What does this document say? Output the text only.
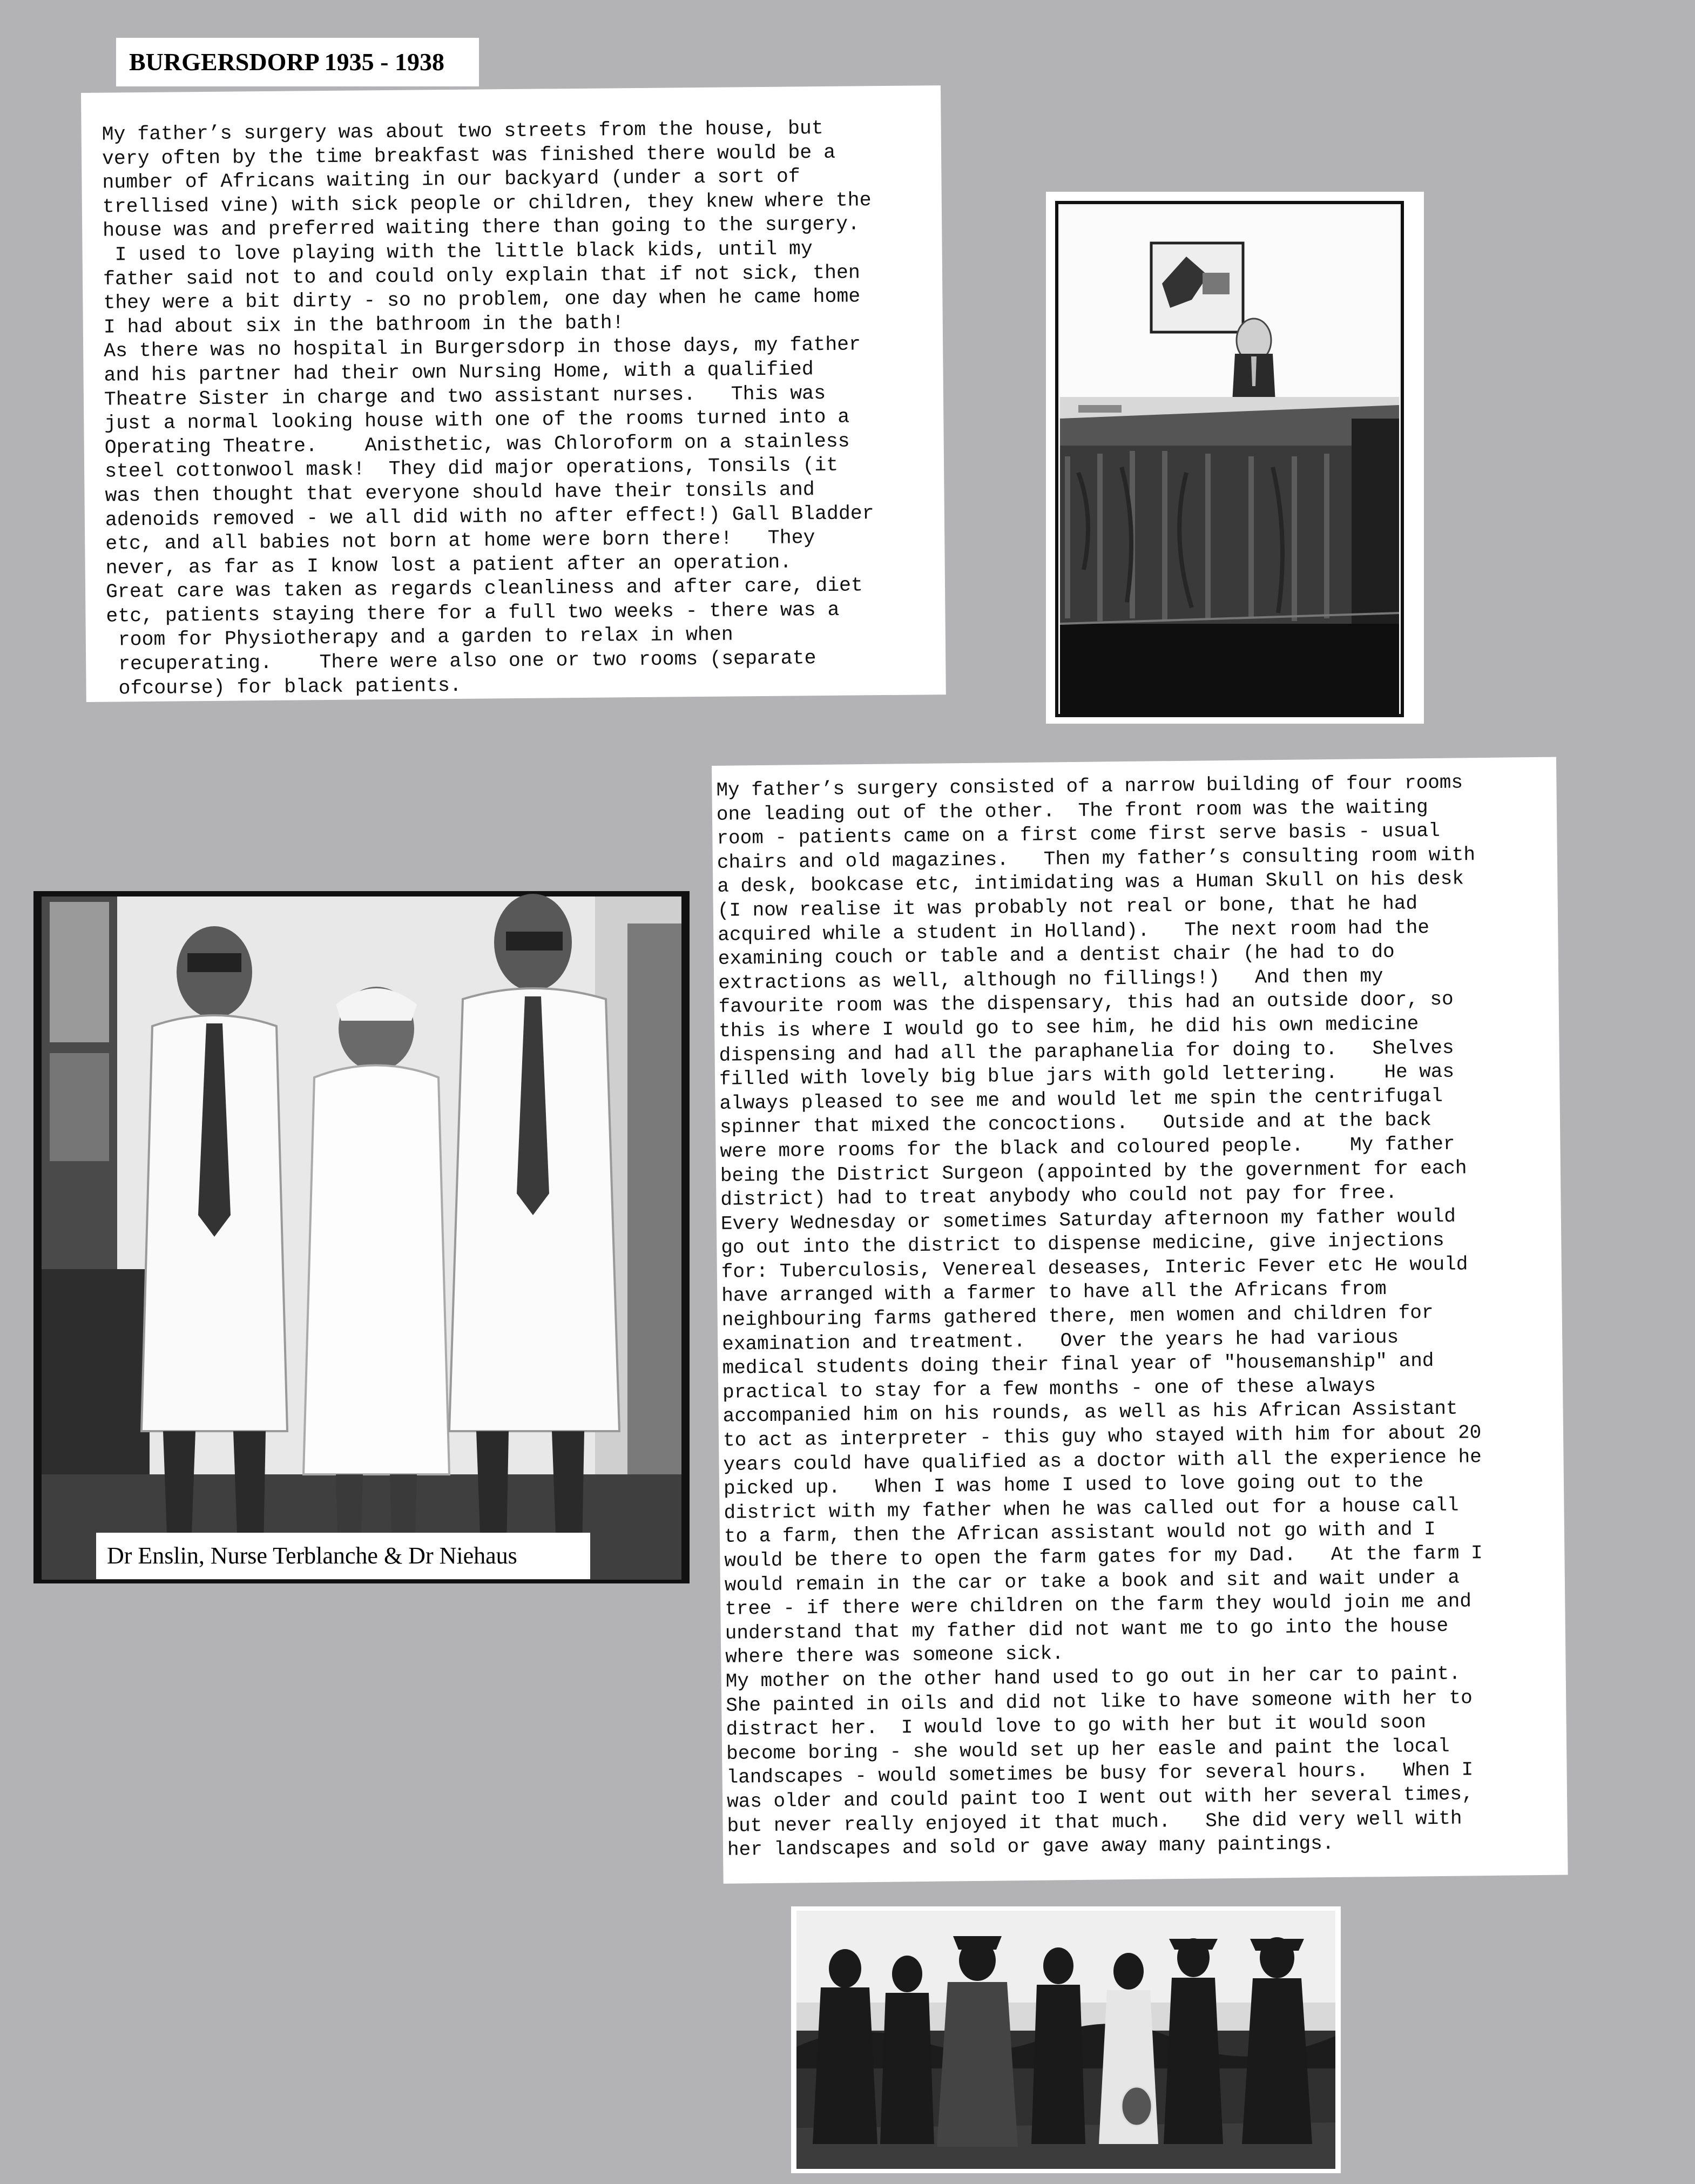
BURGERSDORP 1935 - 1938
My father’s surgery was about two streets from the house, but
very often by the time breakfast was finished there would be a
number of Africans waiting in our backyard (under a sort of
trellised vine) with sick people or children, they knew where the
house was and preferred waiting there than going to the surgery.
I used to love playing with the little black kids, until my
father said not to and could only explain that if not sick, then
they were a bit dirty - so no problem, one day when he came home
I had about six in the bathroom in the bath!
As there was no hospital in Burgersdorp in those days, my father
and his partner had their own Nursing Home, with a qualified
Theatre Sister in charge and two assistant nurses.   This was
just a normal looking house with one of the rooms turned into a
Operating Theatre.    Anisthetic, was Chloroform on a stainless
steel cottonwool mask!  They did major operations, Tonsils (it
was then thought that everyone should have their tonsils and
adenoids removed - we all did with no after effect!) Gall Bladder
etc, and all babies not born at home were born there!   They
never, as far as I know lost a patient after an operation.
Great care was taken as regards cleanliness and after care, diet
etc, patients staying there for a full two weeks - there was a
room for Physiotherapy and a garden to relax in when
recuperating.    There were also one or two rooms (separate
ofcourse) for black patients.
My father’s surgery consisted of a narrow building of four rooms
one leading out of the other.  The front room was the waiting
room - patients came on a first come first serve basis - usual
chairs and old magazines.   Then my father’s consulting room with
a desk, bookcase etc, intimidating was a Human Skull on his desk
(I now realise it was probably not real or bone, that he had
acquired while a student in Holland).   The next room had the
examining couch or table and a dentist chair (he had to do
extractions as well, although no fillings!)   And then my
favourite room was the dispensary, this had an outside door, so
this is where I would go to see him, he did his own medicine
dispensing and had all the paraphanelia for doing to.   Shelves
filled with lovely big blue jars with gold lettering.    He was
always pleased to see me and would let me spin the centrifugal
spinner that mixed the concoctions.   Outside and at the back
were more rooms for the black and coloured people.    My father
being the District Surgeon (appointed by the government for each
district) had to treat anybody who could not pay for free.
Every Wednesday or sometimes Saturday afternoon my father would
go out into the district to dispense medicine, give injections
for: Tuberculosis, Venereal deseases, Interic Fever etc He would
have arranged with a farmer to have all the Africans from
neighbouring farms gathered there, men women and children for
examination and treatment.   Over the years he had various
medical students doing their final year of "housemanship" and
practical to stay for a few months - one of these always
accompanied him on his rounds, as well as his African Assistant
to act as interpreter - this guy who stayed with him for about 20
years could have qualified as a doctor with all the experience he
picked up.   When I was home I used to love going out to the
district with my father when he was called out for a house call
to a farm, then the African assistant would not go with and I
would be there to open the farm gates for my Dad.   At the farm I
would remain in the car or take a book and sit and wait under a
tree - if there were children on the farm they would join me and
understand that my father did not want me to go into the house
where there was someone sick.
My mother on the other hand used to go out in her car to paint.
She painted in oils and did not like to have someone with her to
distract her.  I would love to go with her but it would soon
become boring - she would set up her easle and paint the local
landscapes - would sometimes be busy for several hours.   When I
was older and could paint too I went out with her several times,
but never really enjoyed it that much.   She did very well with
her landscapes and sold or gave away many paintings.
Dr Enslin, Nurse Terblanche & Dr Niehaus
